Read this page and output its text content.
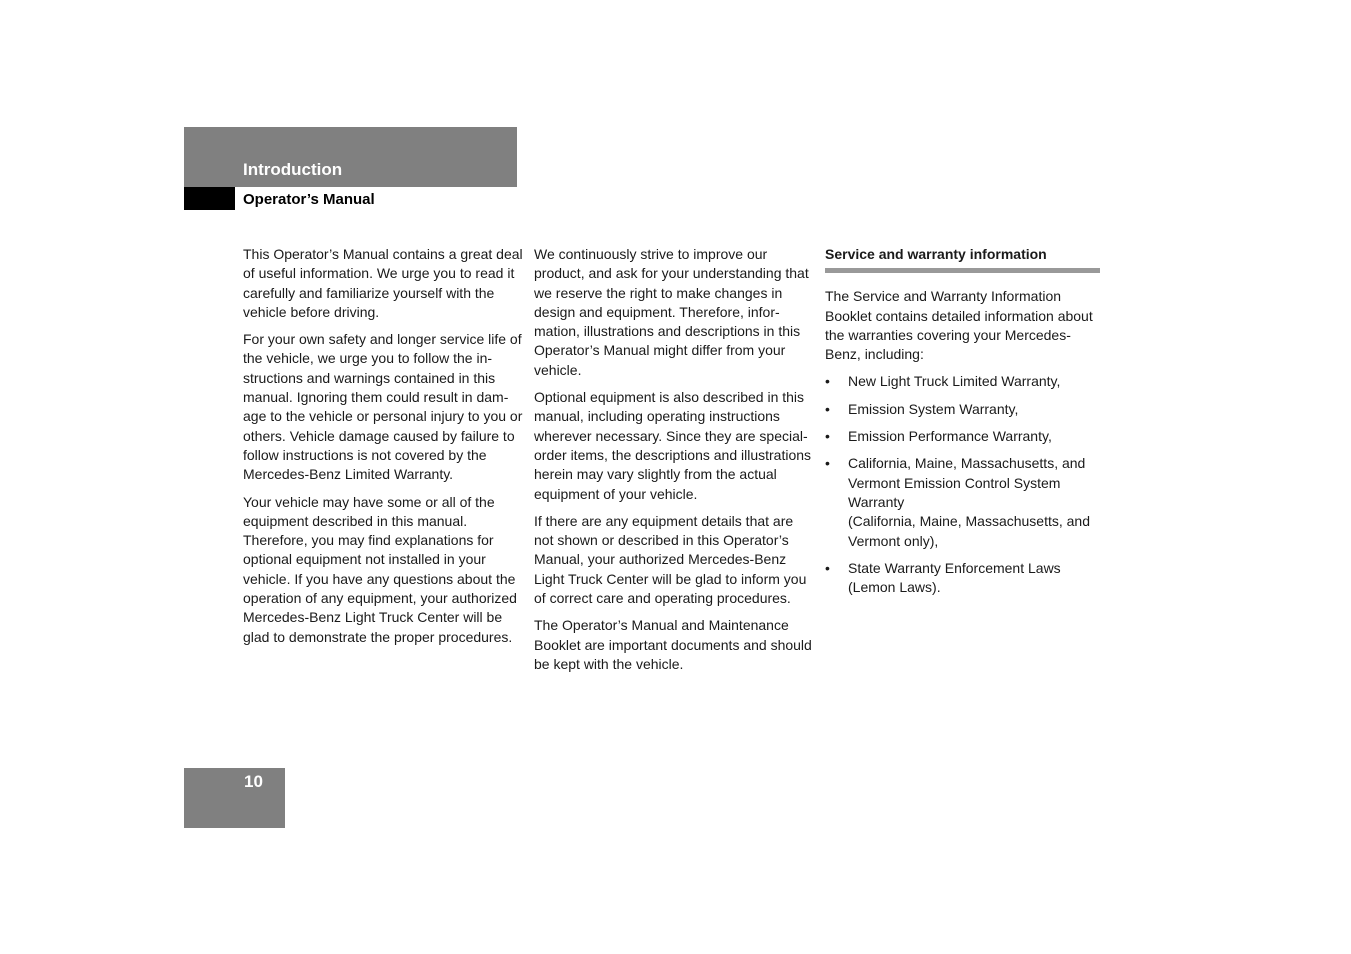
Introduction
Operator’s Manual

This Operator’s Manual contains a great deal of useful information. We urge you to read it carefully and familiarize yourself with the vehicle before driving.

For your own safety and longer service life of the vehicle, we urge you to follow the instructions and warnings contained in this manual. Ignoring them could result in damage to the vehicle or personal injury to you or others. Vehicle damage caused by failure to follow instructions is not covered by the Mercedes-Benz Limited Warranty.

Your vehicle may have some or all of the equipment described in this manual. Therefore, you may find explanations for optional equipment not installed in your vehicle. If you have any questions about the operation of any equipment, your authorized Mercedes-Benz Light Truck Center will be glad to demonstrate the proper procedures.

We continuously strive to improve our product, and ask for your understanding that we reserve the right to make changes in design and equipment. Therefore, information, illustrations and descriptions in this Operator’s Manual might differ from your vehicle.

Optional equipment is also described in this manual, including operating instructions wherever necessary. Since they are special-order items, the descriptions and illustrations herein may vary slightly from the actual equipment of your vehicle.

If there are any equipment details that are not shown or described in this Operator’s Manual, your authorized Mercedes-Benz Light Truck Center will be glad to inform you of correct care and operating procedures.

The Operator’s Manual and Maintenance Booklet are important documents and should be kept with the vehicle.

Service and warranty information

The Service and Warranty Information Booklet contains detailed information about the warranties covering your Mercedes-Benz, including:

• New Light Truck Limited Warranty,
• Emission System Warranty,
• Emission Performance Warranty,
• California, Maine, Massachusetts, and Vermont Emission Control System Warranty
(California, Maine, Massachusetts, and Vermont only),
• State Warranty Enforcement Laws (Lemon Laws).
10
